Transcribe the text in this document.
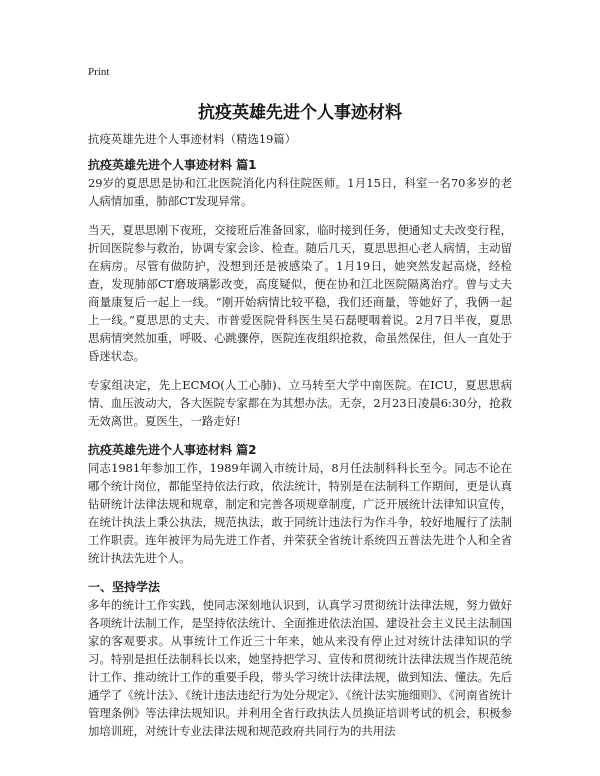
Print
抗疫英雄先进个人事迹材料

抗疫英雄先进个人事迹材料（精选19篇）

抗疫英雄先进个人事迹材料 篇1

29岁的夏思思是协和江北医院消化内科住院医师。1月15日，科室一名70多岁的老人病情加重，肺部CT发现异常。

当天，夏思思刚下夜班，交接班后准备回家，临时接到任务，便通知丈夫改变行程，折回医院参与救治，协调专家会诊、检查。随后几天，夏思思担心老人病情，主动留在病房。尽管有做防护，没想到还是被感染了。1月19日，她突然发起高烧，经检查，发现肺部CT磨玻璃影改变，高度疑似，便在协和江北医院隔离治疗。曾与丈夫商量康复后一起上一线。“刚开始病情比较平稳，我们还商量，等她好了，我俩一起上一线。”夏思思的丈夫、市普爱医院骨科医生吴石磊哽咽着说。2月7日半夜，夏思思病情突然加重，呼吸、心跳骤停，医院连夜组织抢救，命虽然保住，但人一直处于昏迷状态。

专家组决定，先上ECMO(人工心肺)、立马转至大学中南医院。在ICU，夏思思病情、血压波动大，各大医院专家都在为其想办法。无奈，2月23日凌晨6:30分，抢救无效离世。夏医生，一路走好!

抗疫英雄先进个人事迹材料 篇2

同志1981年参加工作，1989年调入市统计局，8月任法制科科长至今。同志不论在哪个统计岗位，都能坚持依法行政，依法统计，特别是在法制科工作期间，更是认真钻研统计法律法规和规章，制定和完善各项规章制度，广泛开展统计法律知识宣传，在统计执法上秉公执法，规范执法，敢于同统计违法行为作斗争，较好地履行了法制工作职责。连年被评为局先进工作者，并荣获全省统计系统四五普法先进个人和全省统计执法先进个人。

一、坚持学法

多年的统计工作实践，使同志深刻地认识到，认真学习贯彻统计法律法规，努力做好各项统计法制工作，是坚持依法统计、全面推进依法治国、建设社会主义民主法制国家的客观要求。从事统计工作近三十年来，她从来没有停止过对统计法律知识的学习。特别是担任法制科长以来，她坚持把学习、宣传和贯彻统计法律法规当作规范统计工作、推动统计工作的重要手段，带头学习统计法律法规，做到知法、懂法。先后通学了《统计法》、《统计违法违纪行为处分规定》、《统计法实施细则》、《河南省统计管理条例》等法律法规知识。并利用全省行政执法人员换证培训考试的机会，积极参加培训班，对统计专业法律法规和规范政府共同行为的共用法
